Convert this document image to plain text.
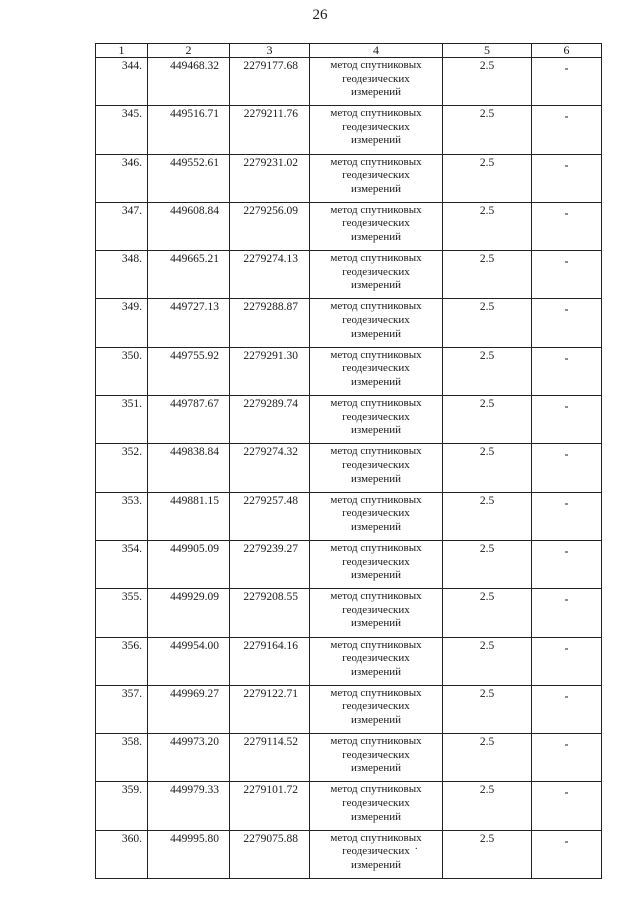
26
1	2	3	4	5	6
344.	449468.32	2279177.68	метод спутниковых
геодезических
измерений	2.5	-
345.	449516.71	2279211.76	метод спутниковых
геодезических
измерений	2.5	-
346.	449552.61	2279231.02	метод спутниковых
геодезических
измерений	2.5	-
347.	449608.84	2279256.09	метод спутниковых
геодезических
измерений	2.5	-
348.	449665.21	2279274.13	метод спутниковых
геодезических
измерений	2.5	-
349.	449727.13	2279288.87	метод спутниковых
геодезических
измерений	2.5	-
350.	449755.92	2279291.30	метод спутниковых
геодезических
измерений	2.5	-
351.	449787.67	2279289.74	метод спутниковых
геодезических
измерений	2.5	-
352.	449838.84	2279274.32	метод спутниковых
геодезических
измерений	2.5	-
353.	449881.15	2279257.48	метод спутниковых
геодезических
измерений	2.5	-
354.	449905.09	2279239.27	метод спутниковых
геодезических
измерений	2.5	-
355.	449929.09	2279208.55	метод спутниковых
геодезических
измерений	2.5	-
356.	449954.00	2279164.16	метод спутниковых
геодезических
измерений	2.5	-
357.	449969.27	2279122.71	метод спутниковых
геодезических
измерений	2.5	-
358.	449973.20	2279114.52	метод спутниковых
геодезических
измерений	2.5	-
359.	449979.33	2279101.72	метод спутниковых
геодезических
измерений	2.5	-
360.	449995.80	2279075.88	метод спутниковых
геодезических
измерений	2.5	-
.
